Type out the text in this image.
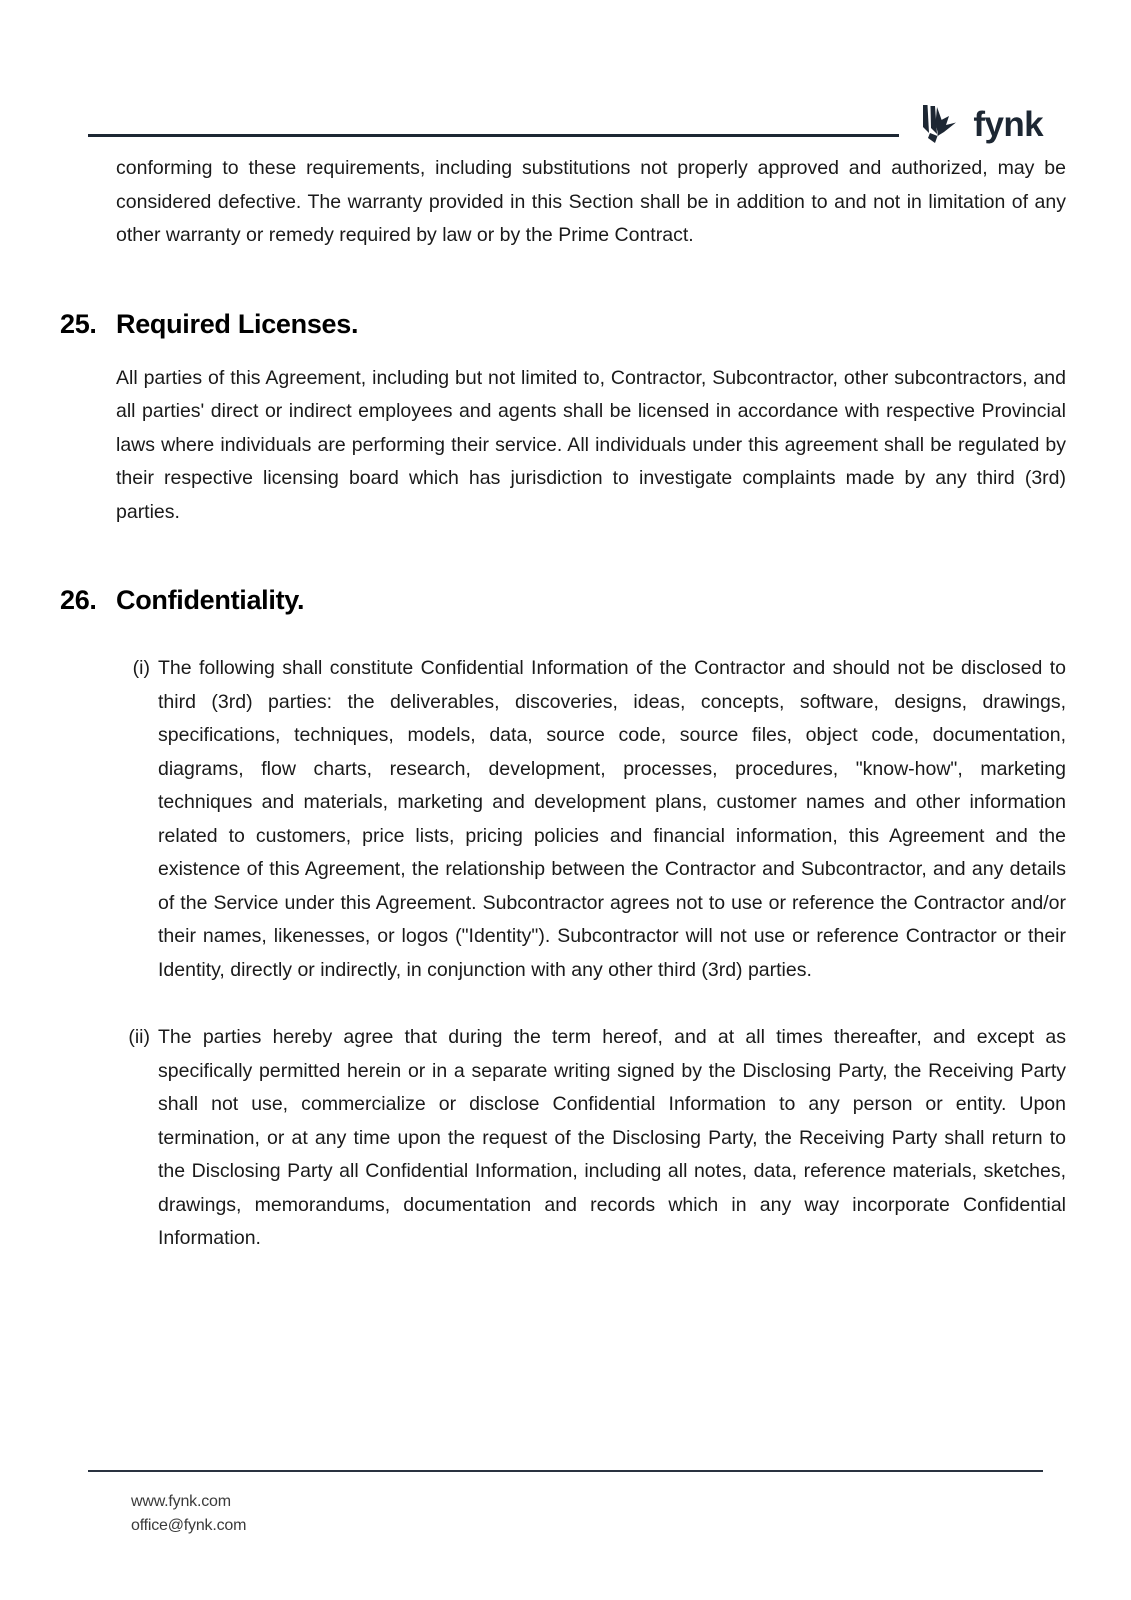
fynk

conforming to these requirements, including substitutions not properly approved and authorized, may be considered defective. The warranty provided in this Section shall be in addition to and not in limitation of any other warranty or remedy required by law or by the Prime Contract.

25. Required Licenses.

All parties of this Agreement, including but not limited to, Contractor, Subcontractor, other subcontractors, and all parties' direct or indirect employees and agents shall be licensed in accordance with respective Provincial laws where individuals are performing their service. All individuals under this agreement shall be regulated by their respective licensing board which has jurisdiction to investigate complaints made by any third (3rd) parties.

26. Confidentiality.
(i) The following shall constitute Confidential Information of the Contractor and should not be disclosed to third (3rd) parties: the deliverables, discoveries, ideas, concepts, software, designs, drawings, specifications, techniques, models, data, source code, source files, object code, documentation, diagrams, flow charts, research, development, processes, procedures, "know-how", marketing techniques and materials, marketing and development plans, customer names and other information related to customers, price lists, pricing policies and financial information, this Agreement and the existence of this Agreement, the relationship between the Contractor and Subcontractor, and any details of the Service under this Agreement. Subcontractor agrees not to use or reference the Contractor and/or their names, likenesses, or logos ("Identity"). Subcontractor will not use or reference Contractor or their Identity, directly or indirectly, in conjunction with any other third (3rd) parties.
(ii) The parties hereby agree that during the term hereof, and at all times thereafter, and except as specifically permitted herein or in a separate writing signed by the Disclosing Party, the Receiving Party shall not use, commercialize or disclose Confidential Information to any person or entity. Upon termination, or at any time upon the request of the Disclosing Party, the Receiving Party shall return to the Disclosing Party all Confidential Information, including all notes, data, reference materials, sketches, drawings, memorandums, documentation and records which in any way incorporate Confidential Information.
www.fynk.com
office@fynk.com
